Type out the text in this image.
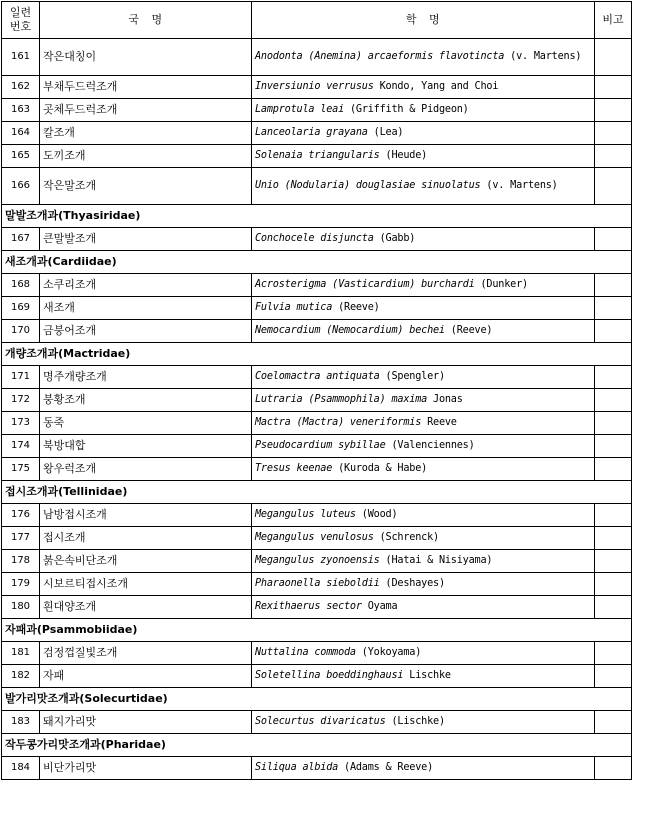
일련
번호	국   명	학   명	비고
161	작은대칭이	Anodonta (Anemina) arcaeformis flavotincta (v. Martens)	
162	부채두드럭조개	Inversiunio verrusus Kondo, Yang and Choi	
163	곳체두드럭조개	Lamprotula leai (Griffith & Pidgeon)	
164	칼조개	Lanceolaria grayana (Lea)	
165	도끼조개	Solenaia triangularis (Heude)	
166	작은말조개	Unio (Nodularia) douglasiae sinuolatus (v. Martens)	
말발조개과(Thyasiridae)			
167	큰말발조개	Conchocele disjuncta (Gabb)	
새조개과(Cardiidae)			
168	소쿠리조개	Acrosterigma (Vasticardium) burchardi (Dunker)	
169	새조개	Fulvia mutica (Reeve)	
170	금붕어조개	Nemocardium (Nemocardium) bechei (Reeve)	
개량조개과(Mactridae)			
171	명주개량조개	Coelomactra antiquata (Spengler)	
172	붕황조개	Lutraria (Psammophila) maxima Jonas	
173	동죽	Mactra (Mactra) veneriformis Reeve	
174	북방대합	Pseudocardium sybillae (Valenciennes)	
175	왕우럭조개	Tresus keenae (Kuroda & Habe)	
접시조개과(Tellinidae)			
176	남방접시조개	Megangulus luteus (Wood)	
177	접시조개	Megangulus venulosus (Schrenck)	
178	붉은속비단조개	Megangulus zyonoensis (Hatai & Nisiyama)	
179	시보르티접시조개	Pharaonella sieboldii (Deshayes)	
180	흰대양조개	Rexithaerus sector Oyama	
자패과(Psammobiidae)			
181	검정껍질빛조개	Nuttalina commoda (Yokoyama)	
182	자패	Soletellina boeddinghausi Lischke	
발가리맛조개과(Solecurtidae)			
183	돼지가리맛	Solecurtus divaricatus (Lischke)	
작두콩가리맛조개과(Pharidae)			
184	비단가리맛	Siliqua albida (Adams & Reeve)	
